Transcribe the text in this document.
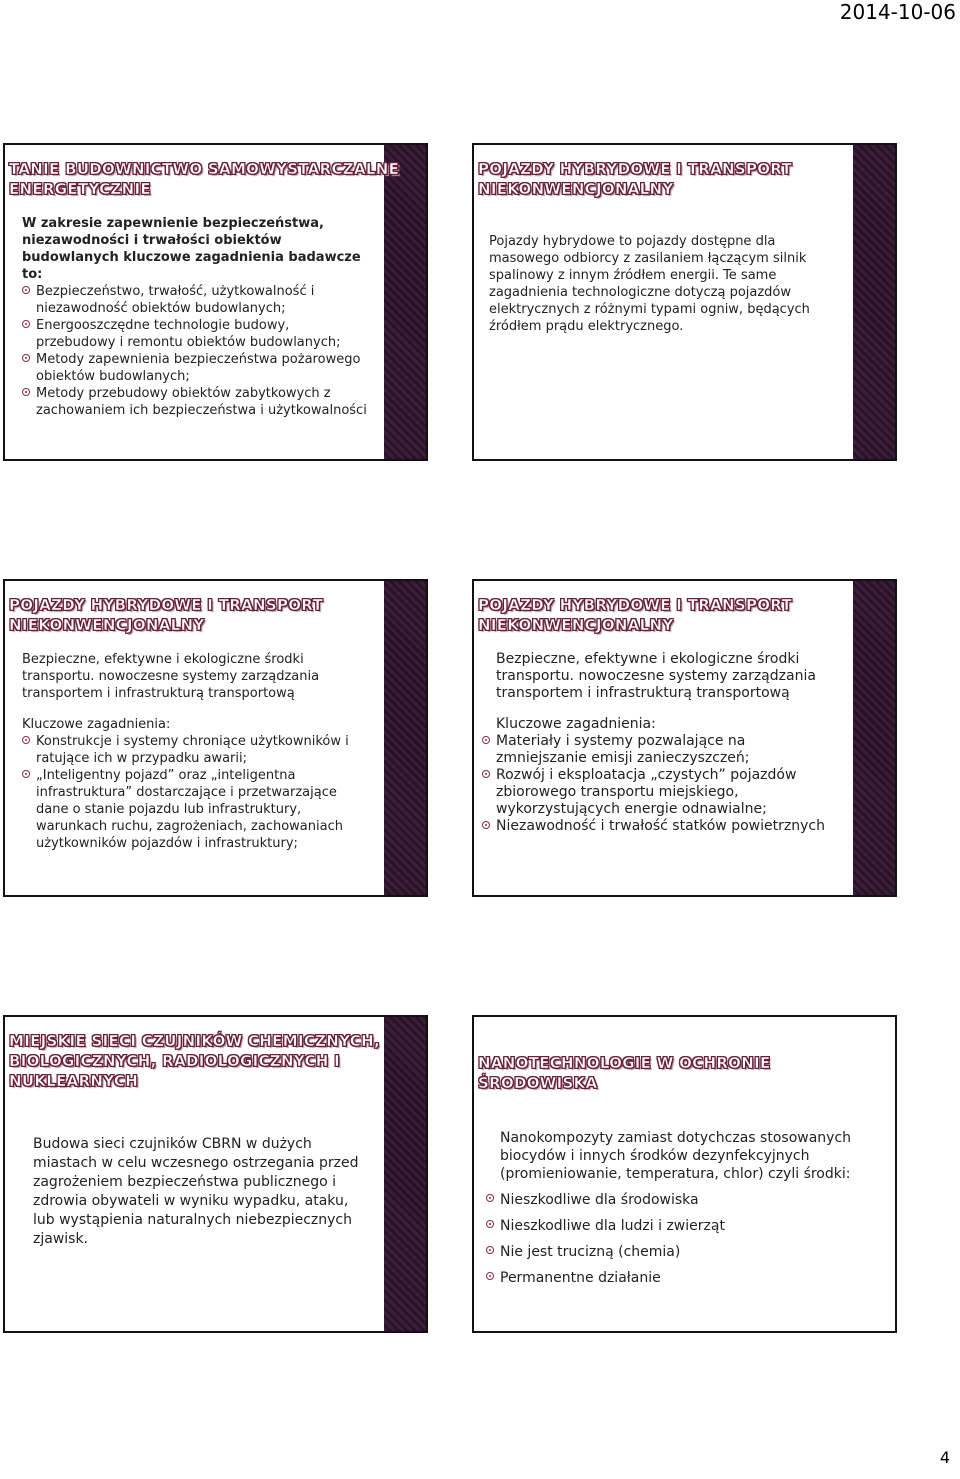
2014-10-06
TANIE BUDOWNICTWO SAMOWYSTARCZALNE ENERGETYCZNIE

W zakresie zapewnienie bezpieczeństwa, niezawodności i trwałości obiektów budowlanych kluczowe zagadnienia badawcze to:

Bezpieczeństwo, trwałość, użytkowalność i niezawodność obiektów budowlanych;
Energooszczędne technologie budowy, przebudowy i remontu obiektów budowlanych;
Metody zapewnienia bezpieczeństwa pożarowego obiektów budowlanych;
Metody przebudowy obiektów zabytkowych z zachowaniem ich bezpieczeństwa i użytkowalności
POJAZDY HYBRYDOWE I TRANSPORT NIEKONWENCJONALNY

Pojazdy hybrydowe to pojazdy dostępne dla masowego odbiorcy z zasilaniem łączącym silnik spalinowy z innym źródłem energii. Te same zagadnienia technologiczne dotyczą pojazdów elektrycznych z różnymi typami ogniw, będących źródłem prądu elektrycznego.

POJAZDY HYBRYDOWE I TRANSPORT NIEKONWENCJONALNY

Bezpieczne, efektywne i ekologiczne środki transportu. nowoczesne systemy zarządzania transportem i infrastrukturą transportową

Kluczowe zagadnienia:

Konstrukcje i systemy chroniące użytkowników i ratujące ich w przypadku awarii;
„Inteligentny pojazd” oraz „inteligentna infrastruktura” dostarczające i przetwarzające dane o stanie pojazdu lub infrastruktury, warunkach ruchu, zagrożeniach, zachowaniach użytkowników pojazdów i infrastruktury;
POJAZDY HYBRYDOWE I TRANSPORT NIEKONWENCJONALNY

Bezpieczne, efektywne i ekologiczne środki transportu. nowoczesne systemy zarządzania transportem i infrastrukturą transportową

Kluczowe zagadnienia:

Materiały i systemy pozwalające na zmniejszanie emisji zanieczyszczeń;
Rozwój i eksploatacja „czystych” pojazdów zbiorowego transportu miejskiego, wykorzystujących energie odnawialne;
Niezawodność i trwałość statków powietrznych
MIEJSKIE SIECI CZUJNIKÓW CHEMICZNYCH, BIOLOGICZNYCH, RADIOLOGICZNYCH I NUKLEARNYCH

Budowa sieci czujników CBRN w dużych miastach w celu wczesnego ostrzegania przed zagrożeniem bezpieczeństwa publicznego i zdrowia obywateli w wyniku wypadku, ataku, lub wystąpienia naturalnych niebezpiecznych zjawisk.

NANOTECHNOLOGIE W OCHRONIE ŚRODOWISKA

Nanokompozyty zamiast dotychczas stosowanych biocydów i innych środków dezynfekcyjnych (promieniowanie, temperatura, chlor) czyli środki:

Nieszkodliwe dla środowiska
Nieszkodliwe dla ludzi i zwierząt
Nie jest trucizną (chemia)
Permanentne działanie
4
